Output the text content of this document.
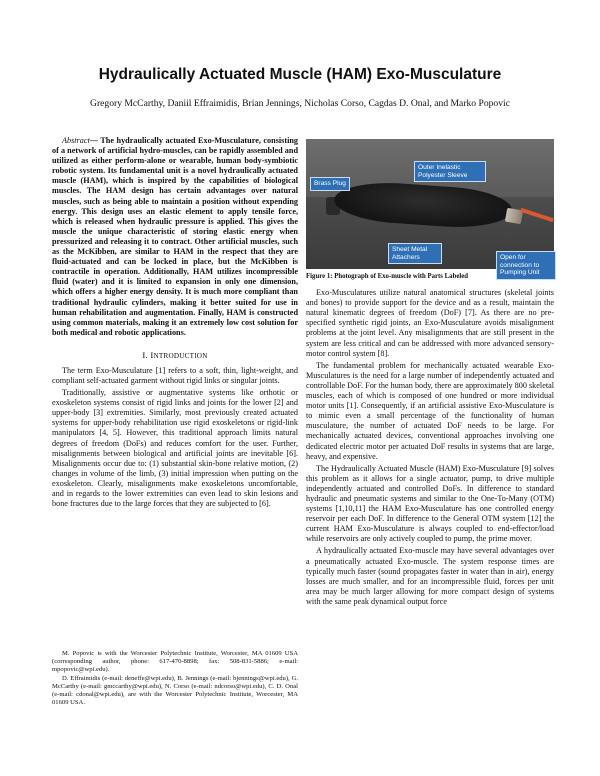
Hydraulically Actuated Muscle (HAM) Exo-Musculature
Gregory McCarthy, Daniil Effraimidis, Brian Jennings, Nicholas Corso, Cagdas D. Onal, and Marko Popovic

Abstract— The hydraulically actuated Exo-Musculature, consisting of a network of artificial hydro-muscles, can be rapidly assembled and utilized as either perform-alone or wearable, human body-symbiotic robotic system. Its fundamental unit is a novel hydraulically actuated muscle (HAM), which is inspired by the capabilities of biological muscles. The HAM design has certain advantages over natural muscles, such as being able to maintain a position without expending energy. This design uses an elastic element to apply tensile force, which is released when hydraulic pressure is applied. This gives the muscle the unique characteristic of storing elastic energy when pressurized and releasing it to contract. Other artificial muscles, such as the McKibben, are similar to HAM in the respect that they are fluid-actuated and can be locked in place, but the McKibben is contractile in operation. Additionally, HAM utilizes incompressible fluid (water) and it is limited to expansion in only one dimension, which offers a higher energy density. It is much more compliant than traditional hydraulic cylinders, making it better suited for use in human rehabilitation and augmentation. Finally, HAM is constructed using common materials, making it an extremely low cost solution for both medical and robotic applications.

I. INTRODUCTION

The term Exo-Musculature [1] refers to a soft, thin, light-weight, and compliant self-actuated garment without rigid links or singular joints.

Traditionally, assistive or augmentative systems like orthotic or exoskeleton systems consist of rigid links and joints for the lower [2] and upper-body [3] extremities. Similarly, most previously created actuated systems for upper-body rehabilitation use rigid exoskeletons or rigid-link manipulators [4, 5]. However, this traditional approach limits natural degrees of freedom (DoFs) and reduces comfort for the user. Further, misalignments between biological and artificial joints are inevitable [6]. Misalignments occur due to: (1) substantial skin-bone relative motion, (2) changes in volume of the limb, (3) initial impression when putting on the exoskeleton. Clearly, misalignments make exoskeletons uncomfortable, and in regards to the lower extremities can even lead to skin lesions and bone fractures due to the large forces that they are subjected to [6].

M. Popovic is with the Worcester Polytechnic Institute, Worcester, MA 01609 USA (corresponding author, phone: 617-470-8898; fax: 508-831-5886; e-mail: mpopovic@wpi.edu).

D. Effraimidis (e-mail: deneffe@wpi.edu), B. Jennings (e-mail: bjennings@wpi.edu), G. McCarthy (e-mail: gmccarthy@wpi.edu), N. Corso (e-mail: ndcorso@wpi.edu), C. D. Onal (e-mail: cdonal@wpi.edu), are with the Worcester Polytechnic Institute, Worcester, MA 01609 USA.

Brass Plug
Outer Inelastic Polyester Sleeve
Sheet Metal Attachers	Open for connection to Pumping Unit

Figure 1: Photograph of Exo-muscle with Parts Labeled

Exo-Musculatures utilize natural anatomical structures (skeletal joints and bones) to provide support for the device and as a result, maintain the natural kinematic degrees of freedom (DoF) [7]. As there are no pre-specified synthetic rigid joints, an Exo-Musculature avoids misalignment problems at the joint level. Any misalignments that are still present in the system are less critical and can be addressed with more advanced sensory-motor control system [8].

The fundamental problem for mechanically actuated wearable Exo-Musculatures is the need for a large number of independently actuated and controllable DoF. For the human body, there are approximately 800 skeletal muscles, each of which is composed of one hundred or more individual motor units [1]. Consequently, if an artificial assistive Exo-Musculature is to mimic even a small percentage of the functionality of human musculature, the number of actuated DoF needs to be large. For mechanically actuated devices, conventional approaches involving one dedicated electric motor per actuated DoF results in systems that are large, heavy, and expensive.

The Hydraulically Actuated Muscle (HAM) Exo-Musculature [9] solves this problem as it allows for a single actuator, pump, to drive multiple independently actuated and controlled DoFs. In difference to standard hydraulic and pneumatic systems and similar to the One-To-Many (OTM) systems [1,10,11] the HAM Exo-Musculature has one controlled energy reservoir per each DoF. In difference to the General OTM system [12] the current HAM Exo-Musculature is always coupled to end-effector/load while reservoirs are only actively coupled to pump, the prime mover.

A hydraulically actuated Exo-muscle may have several advantages over a pneumatically actuated Exo-muscle. The system response times are typically much faster (sound propagates faster in water than in air), energy losses are much smaller, and for an incompressible fluid, forces per unit area may be much larger allowing for more compact design of systems with the same peak dynamical output force
